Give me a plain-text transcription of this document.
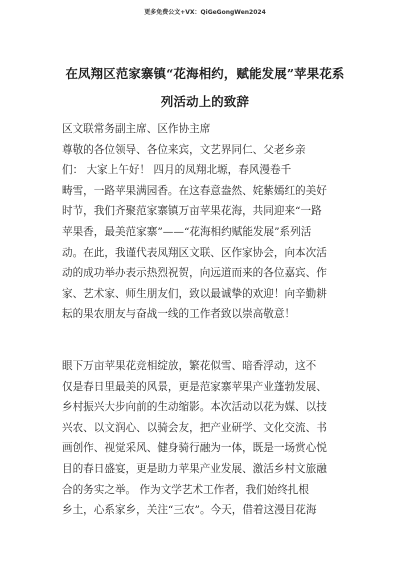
更多免费公文+VX：QiGeGongWen2024
在凤翔区范家寨镇“花海相约，赋能发展”苹果花系
列活动上的致辞
区文联常务副主席、区作协主席
尊敬的各位领导、各位来宾，文艺界同仁、父老乡亲
们： 大家上午好！ 四月的凤翔北塬，春风漫卷千
畴雪，一路苹果满园香。在这春意盎然、姹紫嫣红的美好
时节，我们齐聚范家寨镇万亩苹果花海，共同迎来“一路
苹果香，最美范家寨”——“花海相约赋能发展”系列活
动。在此，我谨代表凤翔区文联、区作家协会，向本次活
动的成功举办表示热烈祝贺，向远道而来的各位嘉宾、作
家、艺术家、师生朋友们，致以最诚挚的欢迎！向辛勤耕
耘的果农朋友与奋战一线的工作者致以崇高敬意！
眼下万亩苹果花竞相绽放，繁花似雪、暗香浮动，这不
仅是春日里最美的风景，更是范家寨苹果产业蓬勃发展、
乡村振兴大步向前的生动缩影。本次活动以花为媒、以技
兴农、以文润心、以骑会友，把产业研学、文化交流、书
画创作、视觉采风、健身骑行融为一体，既是一场赏心悦
目的春日盛宴，更是助力苹果产业发展、激活乡村文旅融
合的务实之举。 作为文学艺术工作者，我们始终扎根
乡土，心系家乡，关注“三农”。今天，借着这漫目花海
